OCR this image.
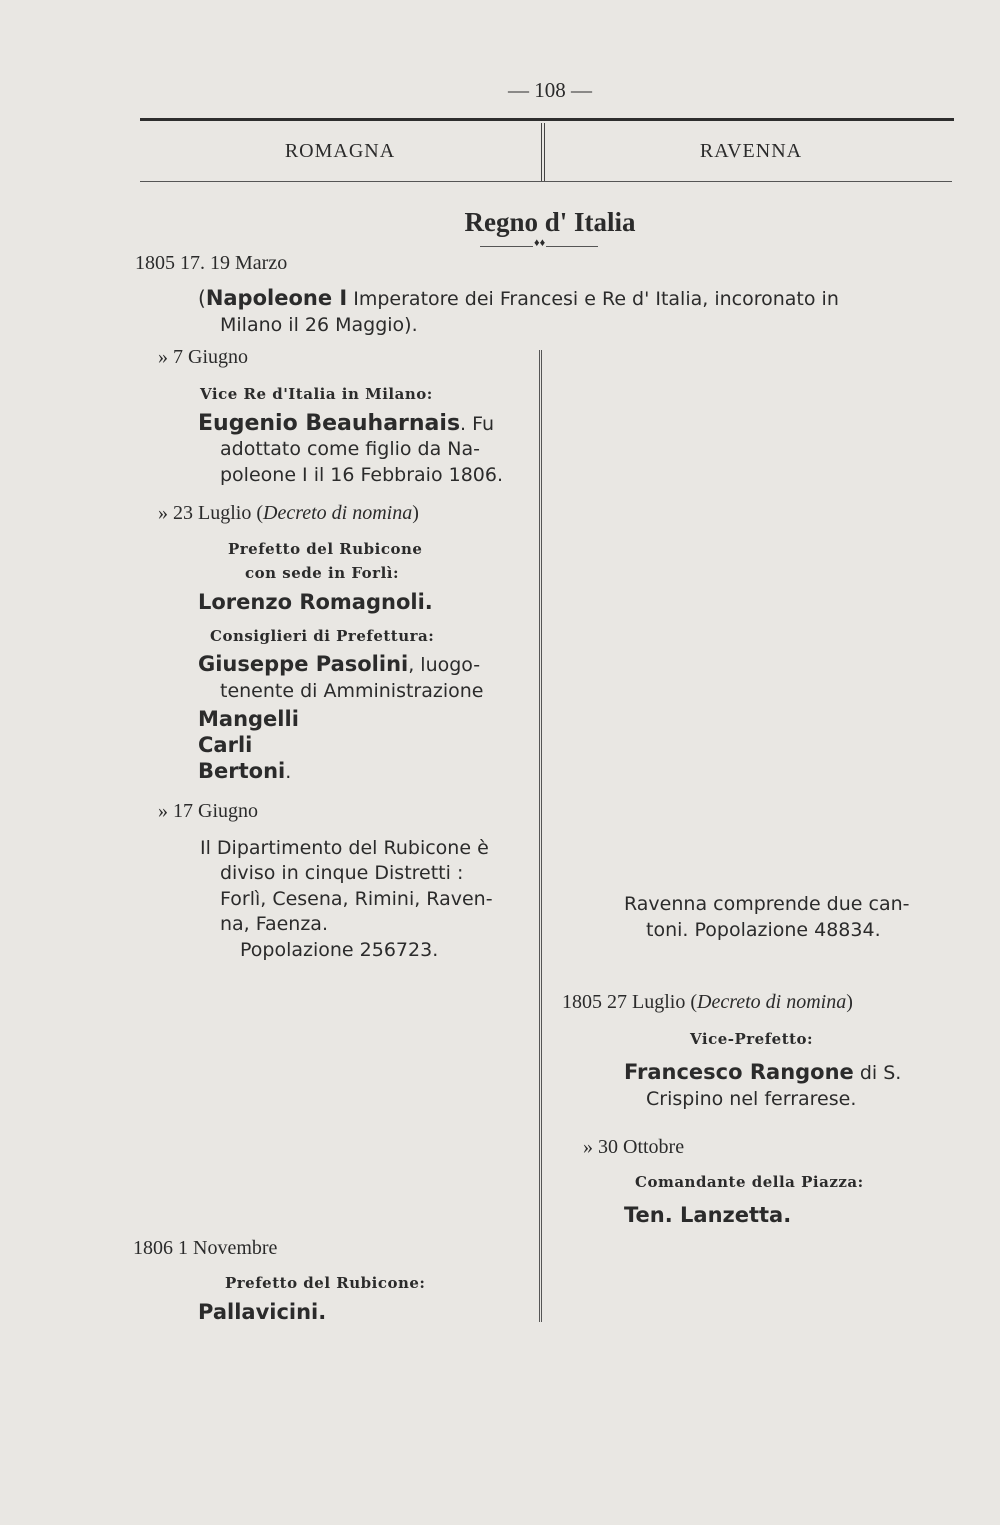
— 108 —
ROMAGNA	RAVENNA
Regno d' Italia
♦♦
1805 17. 19 Marzo
(Napoleone I Imperatore dei Francesi e Re d' Italia, incoronato in
Milano il 26 Maggio).
» 7 Giugno
Vice Re d'Italia in Milano:
Eugenio Beauharnais. Fu
adottato come figlio da Na-
poleone I il 16 Febbraio 1806.
» 23 Luglio (Decreto di nomina)
Prefetto del Rubicone
con sede in Forlì:
Lorenzo Romagnoli.
Consiglieri di Prefettura:
Giuseppe Pasolini, luogo-
tenente di Amministrazione
Mangelli
Carli
Bertoni.
» 17 Giugno
Il Dipartimento del Rubicone è
diviso in cinque Distretti :
Forlì, Cesena, Rimini, Raven-
na, Faenza.
Popolazione 256723.
1806 1 Novembre
Prefetto del Rubicone:
Pallavicini.
Ravenna comprende due can-
toni. Popolazione 48834.
1805 27 Luglio (Decreto di nomina)
Vice-Prefetto:
Francesco Rangone di S.
Crispino nel ferrarese.
» 30 Ottobre
Comandante della Piazza:
Ten. Lanzetta.
